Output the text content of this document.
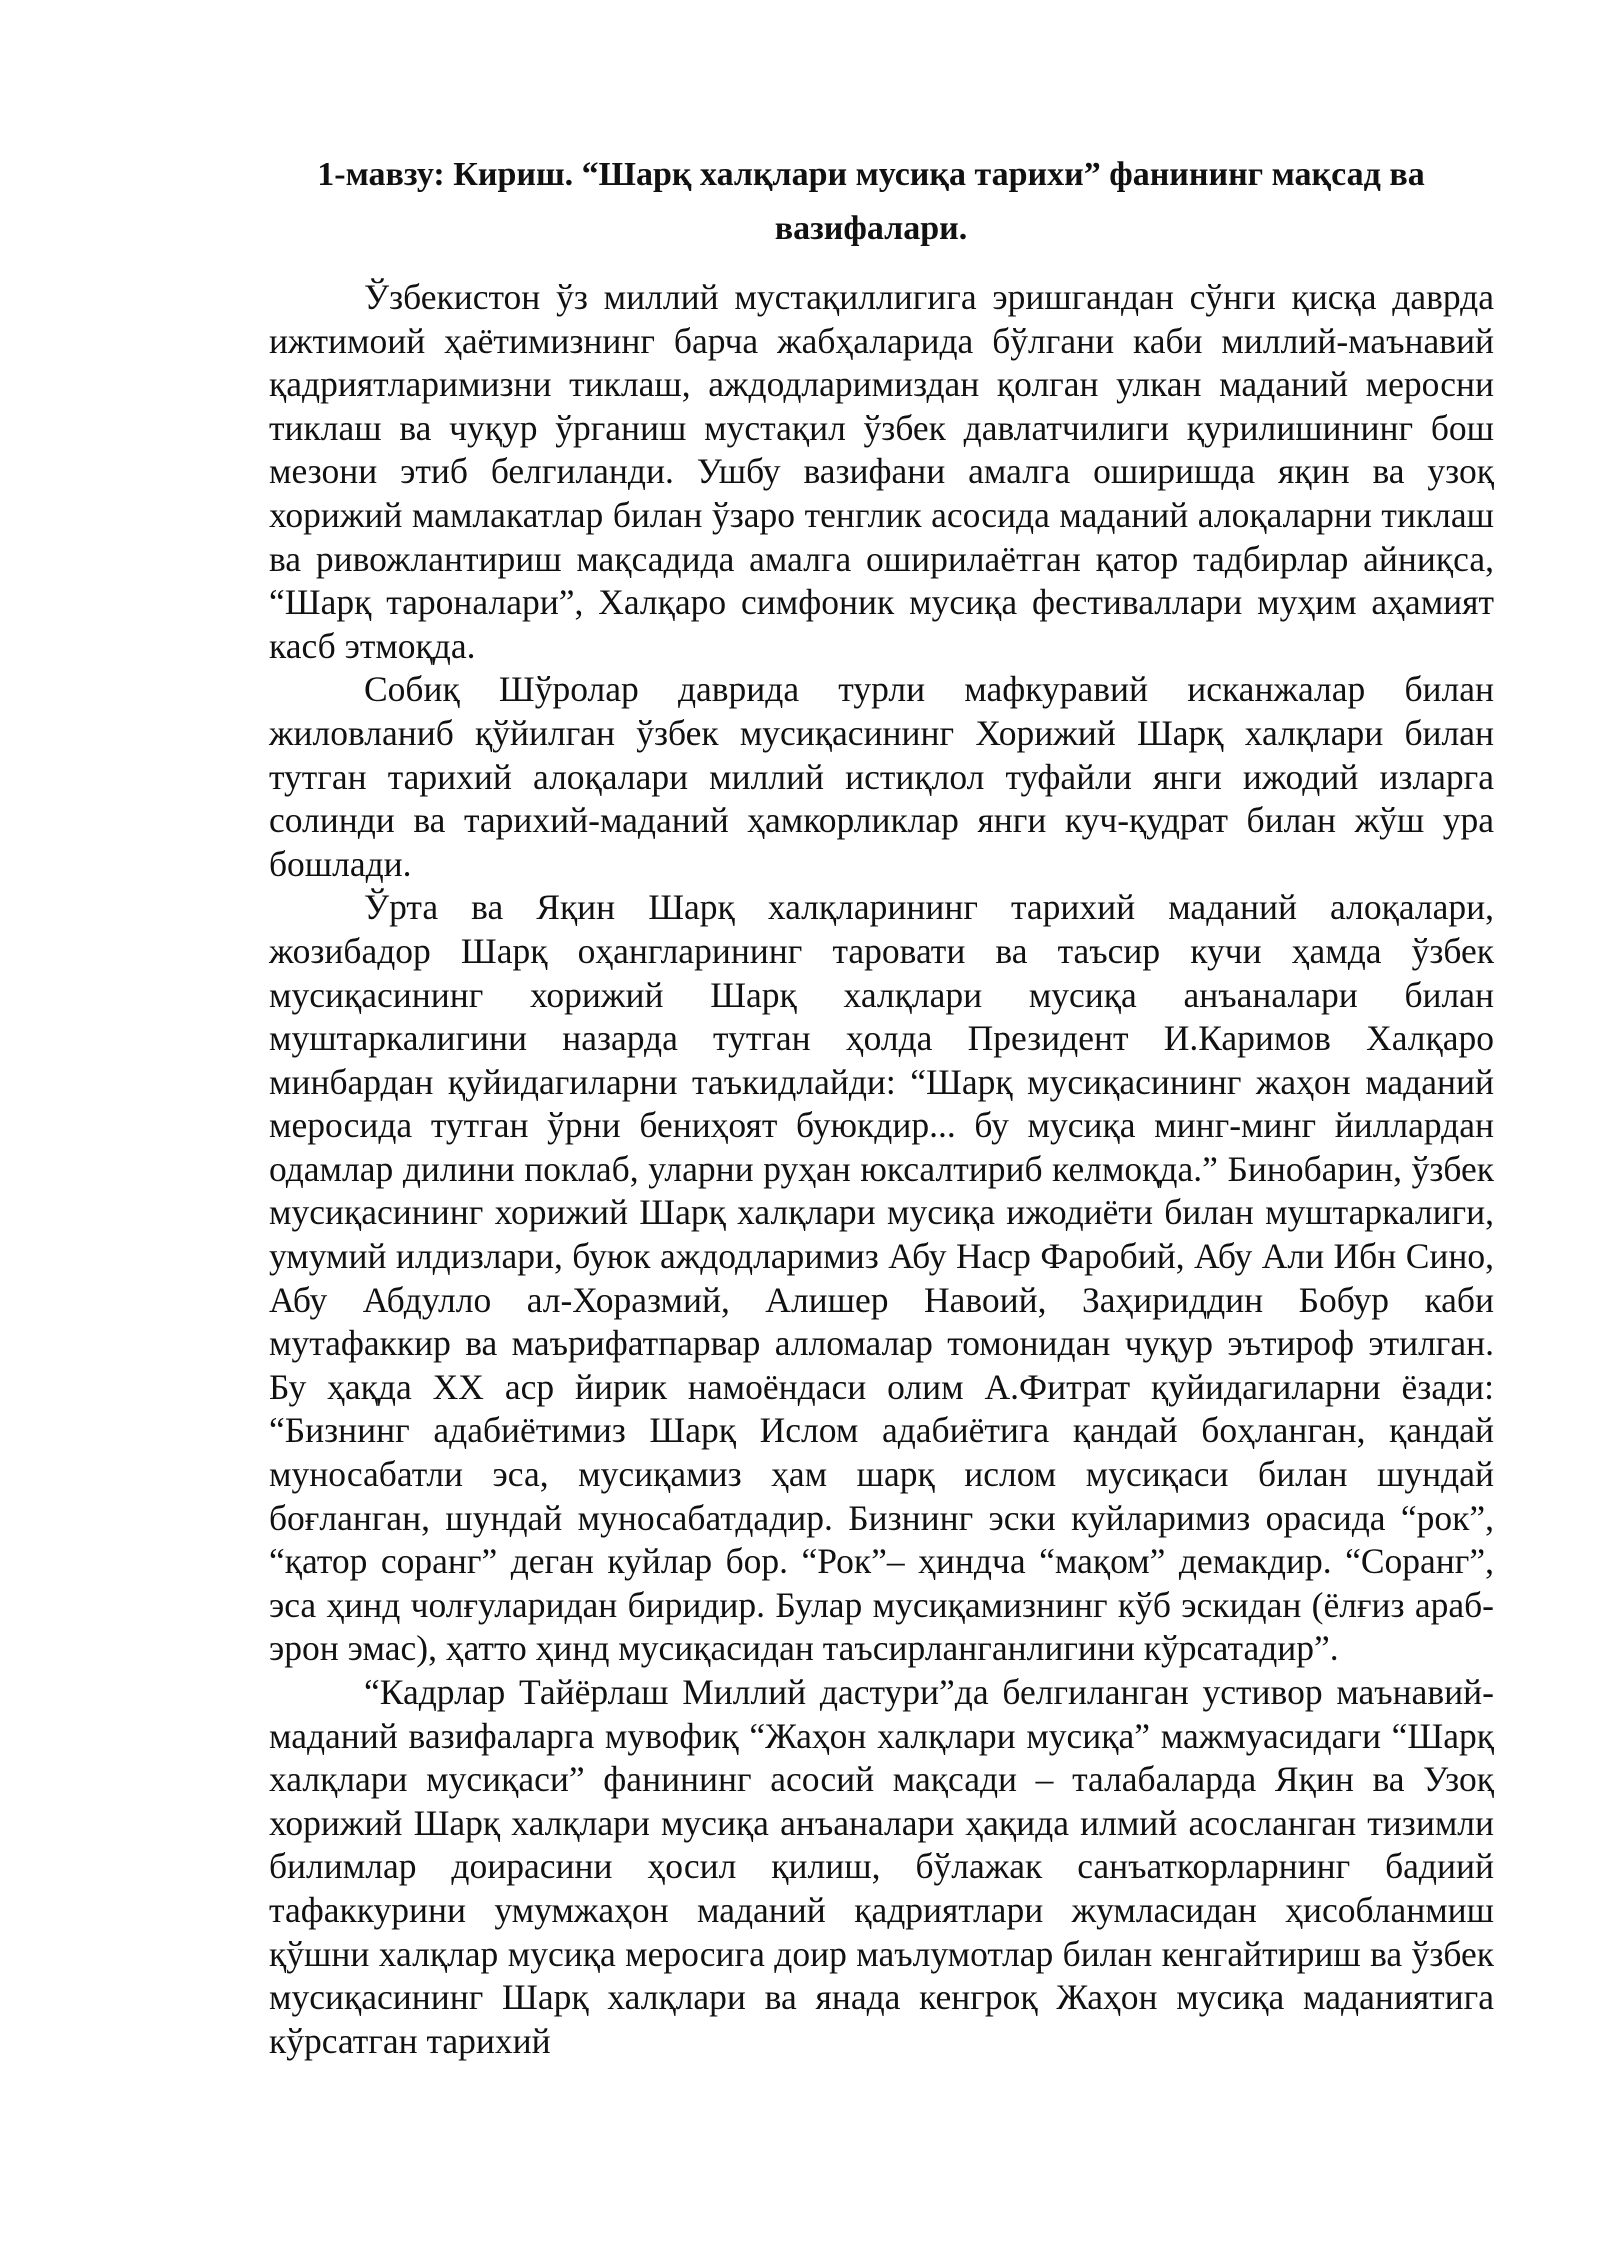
1-мавзу: Кириш. “Шарқ халқлари мусиқа тарихи” фанининг мақсад ва вазифалари.

Ўзбекистон ўз миллий мустақиллигига эришгандан сўнги қисқа даврда ижтимоий ҳаётимизнинг барча жабҳаларида бўлгани каби миллий-маънавий қадриятларимизни тиклаш, аждодларимиздан қолган улкан маданий меросни тиклаш ва чуқур ўрганиш мустақил ўзбек давлатчилиги қурилишининг бош мезони этиб белгиланди. Ушбу вазифани амалга оширишда яқин ва узоқ хорижий мамлакатлар билан ўзаро тенглик асосида маданий алоқаларни тиклаш ва ривожлантириш мақсадида амалга оширилаётган қатор тадбирлар айниқса, “Шарқ тароналари”, Халқаро симфоник мусиқа фестиваллари муҳим аҳамият касб этмоқда.

Собиқ Шўролар даврида турли мафкуравий исканжалар билан жиловланиб қўйилган ўзбек мусиқасининг Хорижий Шарқ халқлари билан тутган тарихий алоқалари миллий истиқлол туфайли янги ижодий изларга солинди ва тарихий-маданий ҳамкорликлар янги куч-қудрат билан жўш ура бошлади.

Ўрта ва Яқин Шарқ халқларининг тарихий маданий алоқалари, жозибадор Шарқ оҳангларининг таровати ва таъсир кучи ҳамда ўзбек мусиқасининг хорижий Шарқ халқлари мусиқа анъаналари билан муштаркалигини назарда тутган ҳолда Президент И.Каримов Халқаро минбардан қуйидагиларни таъкидлайди: “Шарқ мусиқасининг жаҳон маданий меросида тутган ўрни бениҳоят буюкдир... бу мусиқа минг-минг йиллардан одамлар дилини поклаб, уларни руҳан юксалтириб келмоқда.” Бинобарин, ўзбек мусиқасининг хорижий Шарқ халқлари мусиқа ижодиёти билан муштаркалиги, умумий илдизлари, буюк аждодларимиз Абу Наср Фаробий, Абу Али Ибн Сино, Абу Абдулло ал-Хоразмий, Алишер Навоий, Заҳириддин Бобур каби мутафаккир ва маърифатпарвар алломалар томонидан чуқур эътироф этилган. Бу ҳақда ХХ аср йирик намоёндаси олим А.Фитрат қуйидагиларни ёзади: “Бизнинг адабиётимиз Шарқ Ислом адабиётига қандай боҳланган, қандай муносабатли эса, мусиқамиз ҳам шарқ ислом мусиқаси билан шундай боғланган, шундай муносабатдадир. Бизнинг эски куйларимиз орасида “рок”, “қатор соранг” деган куйлар бор. “Рок”– ҳиндча “мақом” демакдир. “Соранг”, эса ҳинд чолғуларидан биридир. Булар мусиқамизнинг кўб эскидан (ёлғиз араб-эрон эмас), ҳатто ҳинд мусиқасидан таъсирланганлигини кўрсатадир”.

“Кадрлар Тайёрлаш Миллий дастури”да белгиланган устивор маънавий-маданий вазифаларга мувофиқ “Жаҳон халқлари мусиқа” мажмуасидаги “Шарқ халқлари мусиқаси” фанининг асосий мақсади – талабаларда Яқин ва Узоқ хорижий Шарқ халқлари мусиқа анъаналари ҳақида илмий асосланган тизимли билимлар доирасини ҳосил қилиш, бўлажак санъаткорларнинг бадиий тафаккурини умумжаҳон маданий қадриятлари жумласидан ҳисобланмиш қўшни халқлар мусиқа меросига доир маълумотлар билан кенгайтириш ва ўзбек мусиқасининг Шарқ халқлари ва янада кенгроқ Жаҳон мусиқа маданиятига кўрсатган тарихий
